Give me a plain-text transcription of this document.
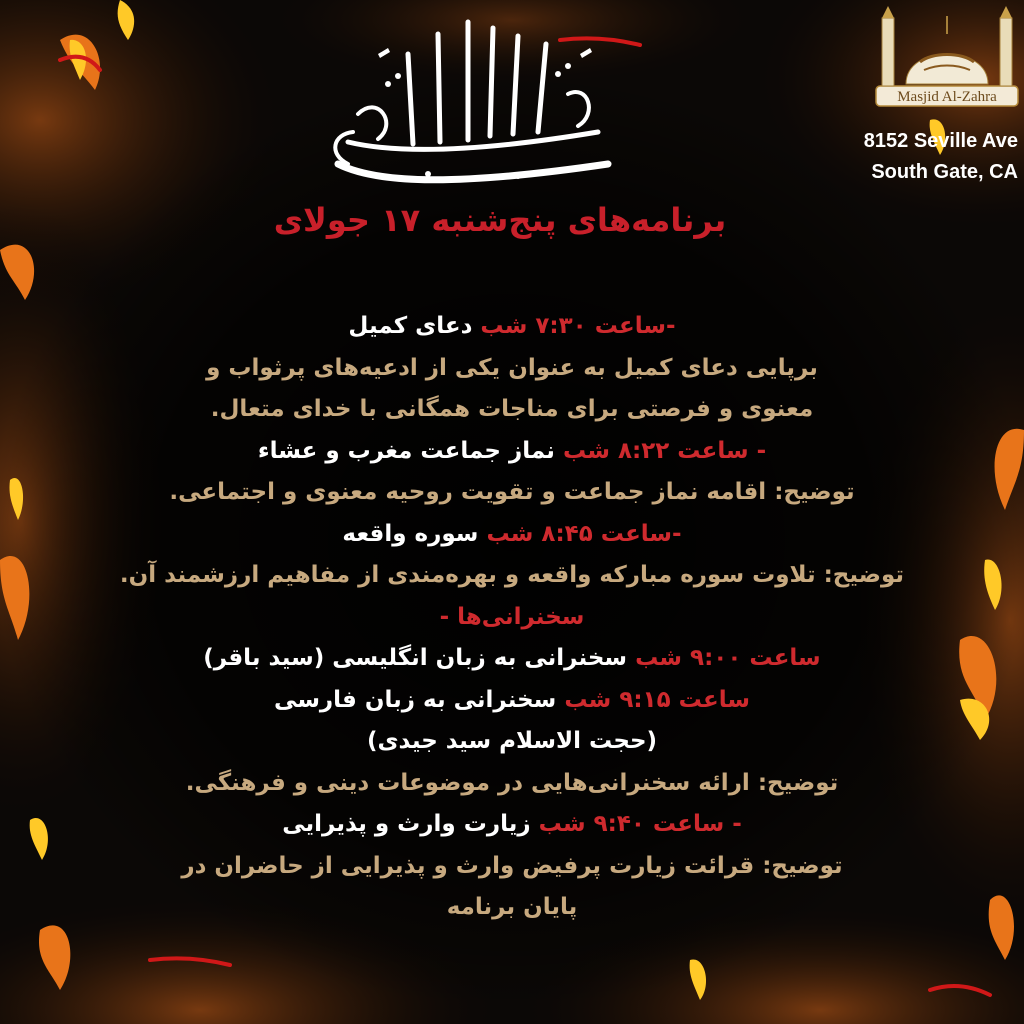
Masjid Al-Zahra
8152 Seville Ave
South Gate, CA
برنامه‌های پنج‌شنبه ۱۷ جولای
-ساعت ۷:۳۰ شب دعای کمیل
برپایی دعای کمیل به عنوان یکی از ادعیه‌های پرثواب و
معنوی و فرصتی برای مناجات همگانی با خدای متعال.
- ساعت ۸:۲۲ شب نماز جماعت مغرب و عشاء
توضیح: اقامه نماز جماعت و تقویت روحیه معنوی و اجتماعی.
-ساعت ۸:۴۵ شب سوره واقعه
توضیح: تلاوت سوره مبارکه واقعه و بهره‌مندی از مفاهیم ارزشمند آن.
سخنرانی‌ها -
ساعت ۹:۰۰ شب سخنرانی به زبان انگلیسی (سید باقر)
ساعت ۹:۱۵ شب سخنرانی به زبان فارسی
(حجت الاسلام سید جیدی)
توضیح: ارائه سخنرانی‌هایی در موضوعات دینی و فرهنگی.
- ساعت ۹:۴۰ شب زیارت وارث و پذیرایی
توضیح: قرائت زیارت پرفیض وارث و پذیرایی از حاضران در
پایان برنامه
